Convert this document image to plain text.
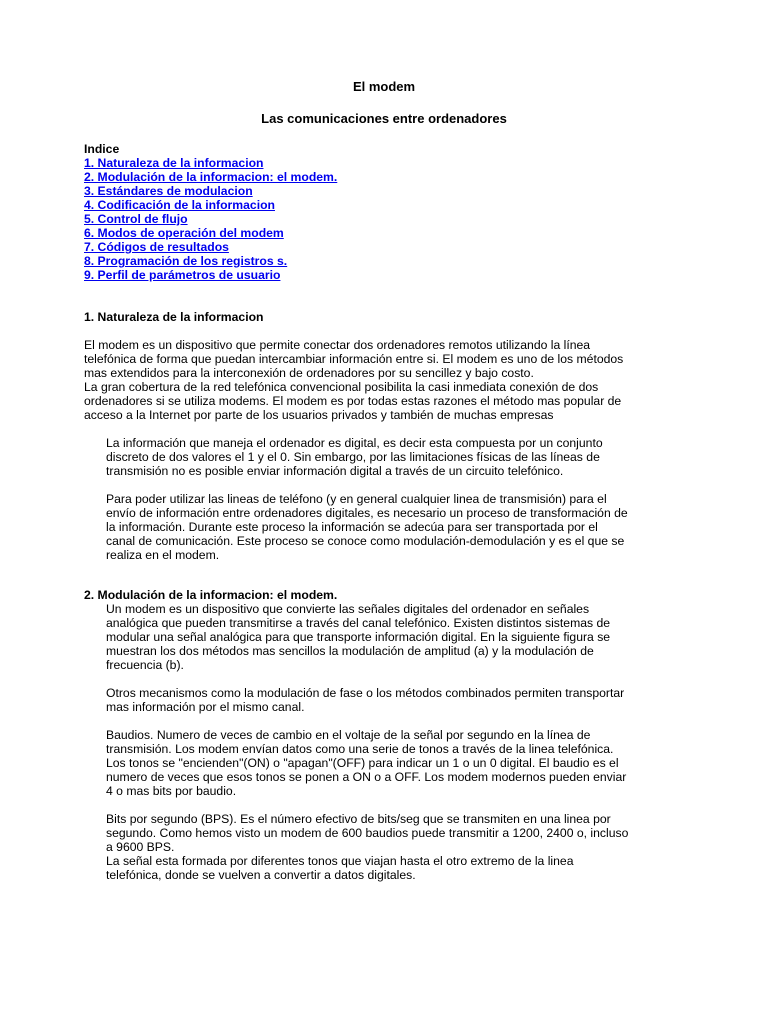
El modem
Las comunicaciones entre ordenadores
Indice
1. Naturaleza de la informacion
2. Modulación de la informacion: el modem.
3. Estándares de modulacion
4. Codificación de la informacion
5. Control de flujo
6. Modos de operación del modem
7. Códigos de resultados
8. Programación de los registros s.
9. Perfil de parámetros de usuario
1. Naturaleza de la informacion
El modem es un dispositivo que permite conectar dos ordenadores remotos utilizando la línea
telefónica de forma que puedan intercambiar información entre si. El modem es uno de los métodos
mas extendidos para la interconexión de ordenadores por su sencillez y bajo costo.
La gran cobertura de la red telefónica convencional posibilita la casi inmediata conexión de dos
ordenadores si se utiliza modems. El modem es por todas estas razones el método mas popular de
acceso a la Internet por parte de los usuarios privados y también de muchas empresas
La información que maneja el ordenador es digital, es decir esta compuesta por un conjunto
discreto de dos valores el 1 y el 0. Sin embargo, por las limitaciones físicas de las líneas de
transmisión no es posible enviar información digital a través de un circuito telefónico.
Para poder utilizar las lineas de teléfono (y en general cualquier linea de transmisión) para el
envío de información entre ordenadores digitales, es necesario un proceso de transformación de
la información. Durante este proceso la información se adecúa para ser transportada por el
canal de comunicación. Este proceso se conoce como modulación-demodulación y es el que se
realiza en el modem.
2. Modulación de la informacion: el modem.
Un modem es un dispositivo que convierte las señales digitales del ordenador en señales
analógica que pueden transmitirse a través del canal telefónico. Existen distintos sistemas de
modular una señal analógica para que transporte información digital. En la siguiente figura se
muestran los dos métodos mas sencillos la modulación de amplitud (a) y la modulación de
frecuencia (b).
Otros mecanismos como la modulación de fase o los métodos combinados permiten transportar
mas información por el mismo canal.
Baudios. Numero de veces de cambio en el voltaje de la señal por segundo en la línea de
transmisión. Los modem envían datos como una serie de tonos a través de la linea telefónica.
Los tonos se "encienden"(ON) o "apagan"(OFF) para indicar un 1 o un 0 digital. El baudio es el
numero de veces que esos tonos se ponen a ON o a OFF. Los modem modernos pueden enviar
4 o mas bits por baudio.
Bits por segundo (BPS). Es el número efectivo de bits/seg que se transmiten en una linea por
segundo. Como hemos visto un modem de 600 baudios puede transmitir a 1200, 2400 o, incluso
a 9600 BPS.
La señal esta formada por diferentes tonos que viajan hasta el otro extremo de la linea
telefónica, donde se vuelven a convertir a datos digitales.
